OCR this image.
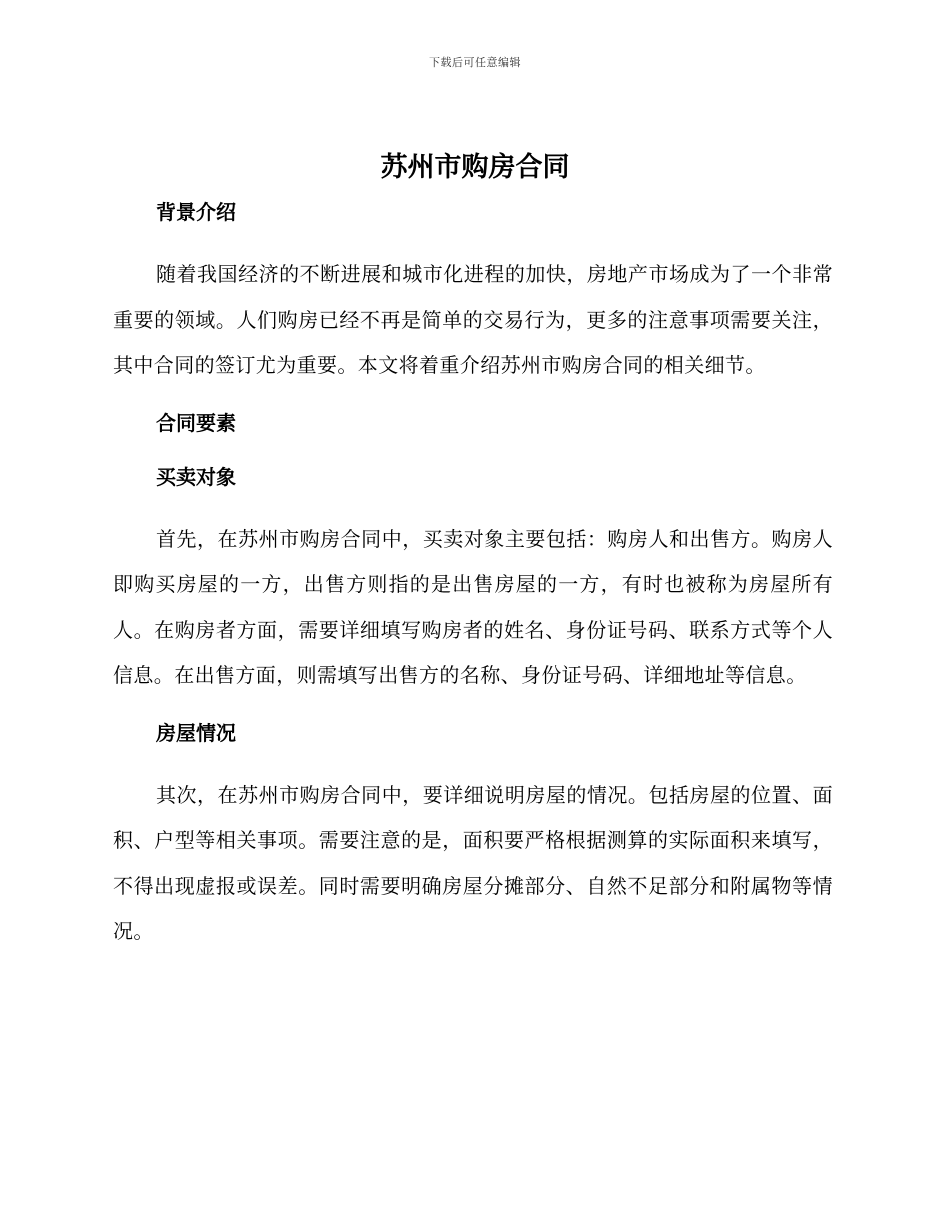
下载后可任意编辑
苏州市购房合同
背景介绍

随着我国经济的不断进展和城市化进程的加快，房地产市场成为了一个非常重要的领域。人们购房已经不再是简单的交易行为，更多的注意事项需要关注，其中合同的签订尤为重要。本文将着重介绍苏州市购房合同的相关细节。

合同要素
买卖对象

首先，在苏州市购房合同中，买卖对象主要包括：购房人和出售方。购房人即购买房屋的一方，出售方则指的是出售房屋的一方，有时也被称为房屋所有人。在购房者方面，需要详细填写购房者的姓名、身份证号码、联系方式等个人信息。在出售方面，则需填写出售方的名称、身份证号码、详细地址等信息。

房屋情况

其次，在苏州市购房合同中，要详细说明房屋的情况。包括房屋的位置、面积、户型等相关事项。需要注意的是，面积要严格根据测算的实际面积来填写，不得出现虚报或误差。同时需要明确房屋分摊部分、自然不足部分和附属物等情况。
